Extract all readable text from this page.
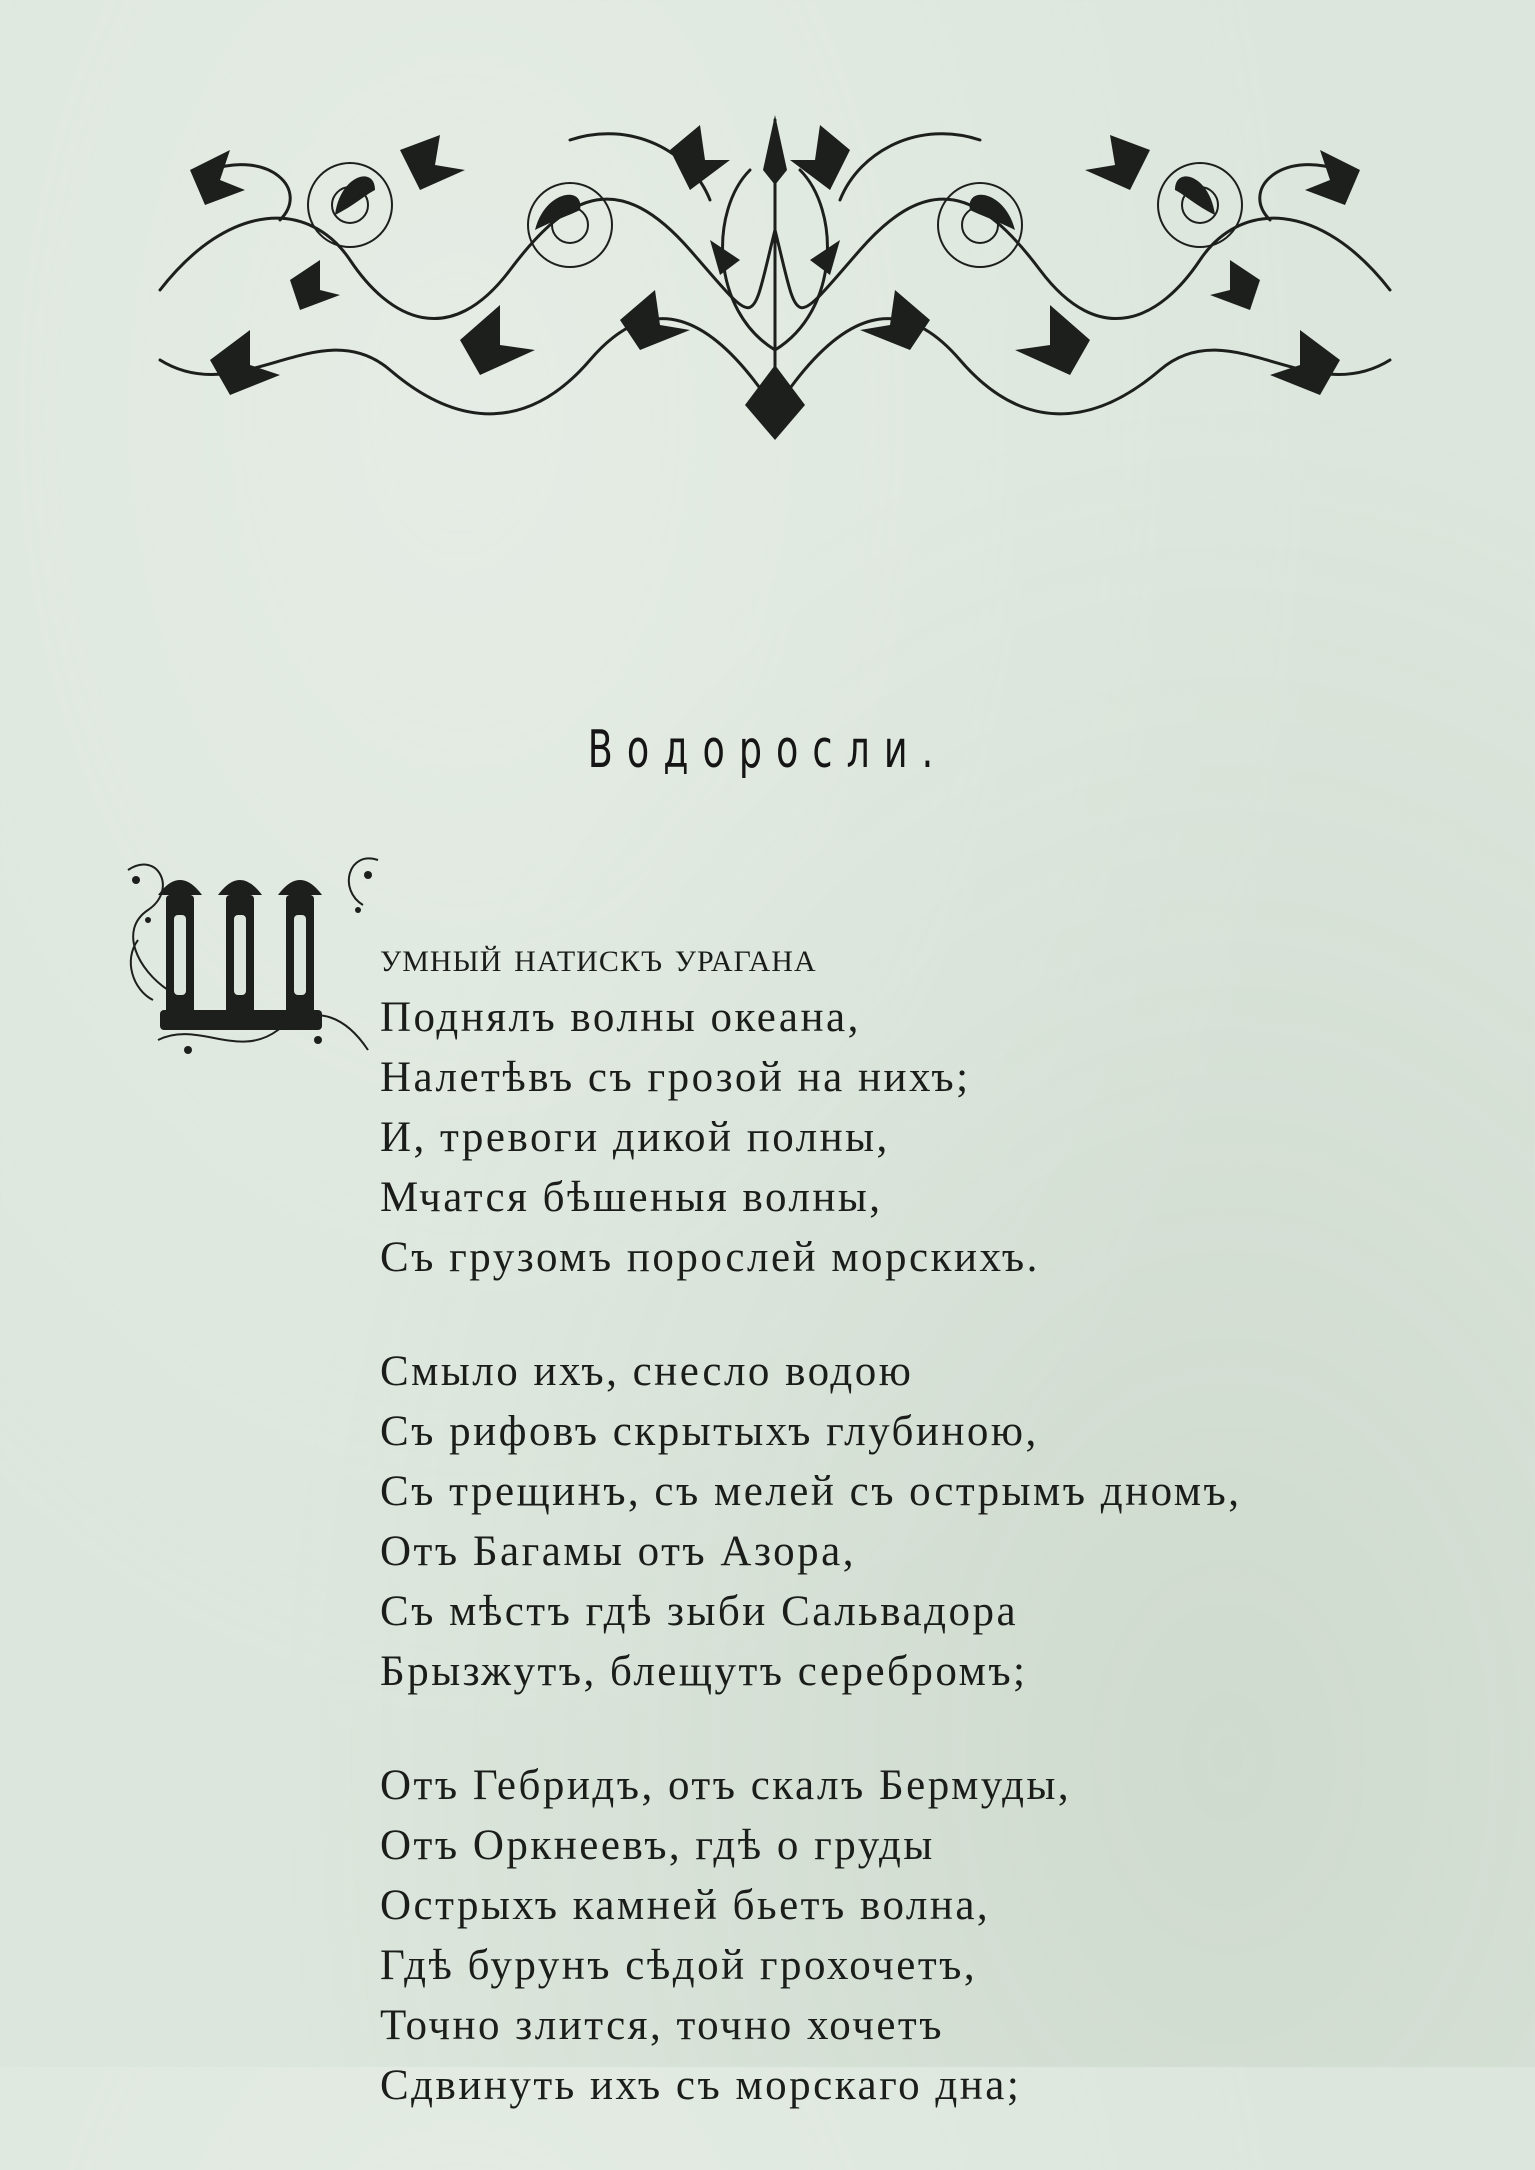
Водоросли.
Ш
умный натискъ урагана
Поднялъ волны океана,
Налетѣвъ съ грозой на нихъ;
И, тревоги дикой полны,
Мчатся бѣшеныя волны,
Съ грузомъ порослей морскихъ.
Смыло ихъ, снесло водою
Съ рифовъ скрытыхъ глубиною,
Съ трещинъ, съ мелей съ острымъ дномъ,
Отъ Багамы отъ Азора,
Съ мѣстъ гдѣ зыби Сальвадора
Брызжутъ, блещутъ серебромъ;
Отъ Гебридъ, отъ скалъ Бермуды,
Отъ Оркнеевъ, гдѣ о груды
Острыхъ камней бьетъ волна,
Гдѣ бурунъ сѣдой грохочетъ,
Точно злится, точно хочетъ
Сдвинуть ихъ съ морскаго дна;
